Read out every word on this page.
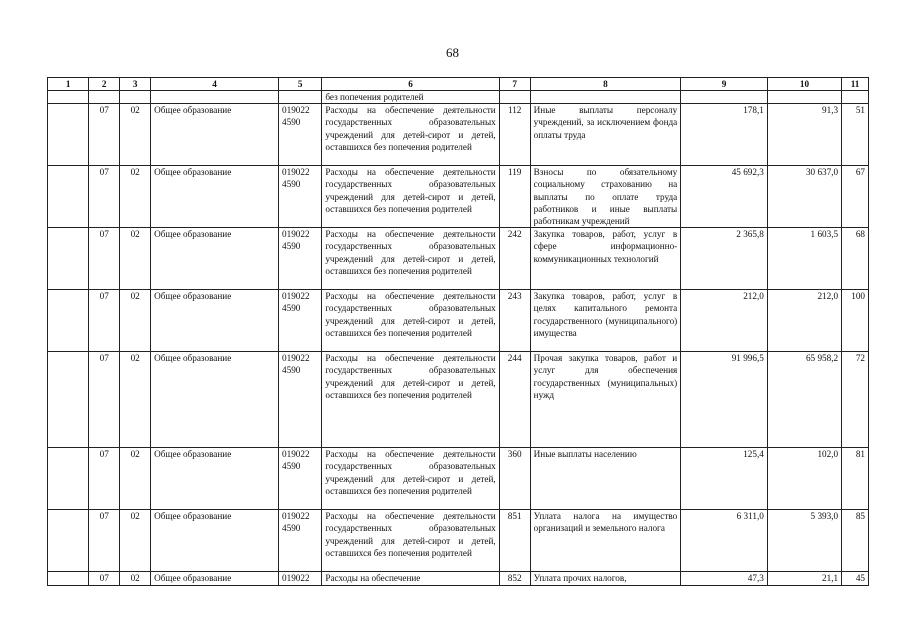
68
1	2	3	4	5	6	7	8	9	10	11
					без попечения родителей					
	07	02	Общее образование	019022 4590	Расходы на обеспечение деятельности государственных образовательных учреждений для детей-сирот и детей, оставшихся без попечения родителей	112	Иные выплаты персоналу учреждений, за исключением фонда оплаты труда	178,1	91,3	51
	07	02	Общее образование	019022 4590	Расходы на обеспечение деятельности государственных образовательных учреждений для детей-сирот и детей, оставшихся без попечения родителей	119	Взносы по обязательному социальному страхованию на выплаты по оплате труда работников и иные выплаты работникам учреждений	45 692,3	30 637,0	67
	07	02	Общее образование	019022 4590	Расходы на обеспечение деятельности государственных образовательных учреждений для детей-сирот и детей, оставшихся без попечения родителей	242	Закупка товаров, работ, услуг в сфере информационно-коммуникационных технологий	2 365,8	1 603,5	68
	07	02	Общее образование	019022 4590	Расходы на обеспечение деятельности государственных образовательных учреждений для детей-сирот и детей, оставшихся без попечения родителей	243	Закупка товаров, работ, услуг в целях капитального ремонта государственного (муниципального) имущества	212,0	212,0	100
	07	02	Общее образование	019022 4590	Расходы на обеспечение деятельности государственных образовательных учреждений для детей-сирот и детей, оставшихся без попечения родителей	244	Прочая закупка товаров, работ и услуг для обеспечения государственных (муниципальных) нужд	91 996,5	65 958,2	72
	07	02	Общее образование	019022 4590	Расходы на обеспечение деятельности государственных образовательных учреждений для детей-сирот и детей, оставшихся без попечения родителей	360	Иные выплаты населению	125,4	102,0	81
	07	02	Общее образование	019022 4590	Расходы на обеспечение деятельности государственных образовательных учреждений для детей-сирот и детей, оставшихся без попечения родителей	851	Уплата налога на имущество организаций и земельного налога	6 311,0	5 393,0	85
	07	02	Общее образование	019022	Расходы на обеспечение	852	Уплата прочих налогов,	47,3	21,1	45
